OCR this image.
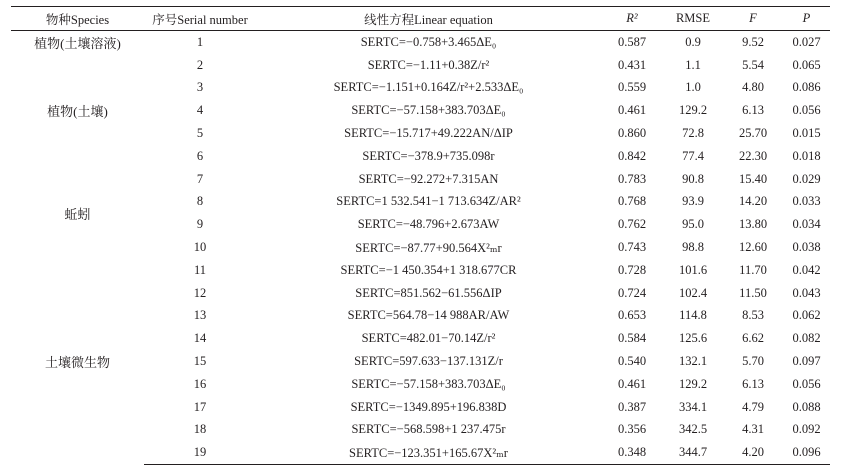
物种Species	序号Serial number	线性方程Linear equation	R²	RMSE	F	P
植物(土壤溶液)	1	SERTC=−0.758+3.465ΔE₀	0.587	0.9	9.52	0.027
植物(土壤)	2	SERTC=−1.11+0.38Z/r²	0.431	1.1	5.54	0.065
	3	SERTC=−1.151+0.164Z/r²+2.533ΔE₀	0.559	1.0	4.80	0.086
	4	SERTC=−57.158+383.703ΔE₀	0.461	129.2	6.13	0.056
	5	SERTC=−15.717+49.222AN/ΔIP	0.860	72.8	25.70	0.015
	6	SERTC=−378.9+735.098r	0.842	77.4	22.30	0.018
蚯蚓	7	SERTC=−92.272+7.315AN	0.783	90.8	15.40	0.029
	8	SERTC=1 532.541−1 713.634Z/AR²	0.768	93.9	14.20	0.033
	9	SERTC=−48.796+2.673AW	0.762	95.0	13.80	0.034
	10	SERTC=−87.77+90.564X²ₘr	0.743	98.8	12.60	0.038
土壤微生物	11	SERTC=−1 450.354+1 318.677CR	0.728	101.6	11.70	0.042
	12	SERTC=851.562−61.556ΔIP	0.724	102.4	11.50	0.043
	13	SERTC=564.78−14 988AR/AW	0.653	114.8	8.53	0.062
	14	SERTC=482.01−70.14Z/r²	0.584	125.6	6.62	0.082
	15	SERTC=597.633−137.131Z/r	0.540	132.1	5.70	0.097
	16	SERTC=−57.158+383.703ΔE₀	0.461	129.2	6.13	0.056
	17	SERTC=−1349.895+196.838D	0.387	334.1	4.79	0.088
	18	SERTC=−568.598+1 237.475r	0.356	342.5	4.31	0.092
	19	SERTC=−123.351+165.67X²ₘr	0.348	344.7	4.20	0.096
